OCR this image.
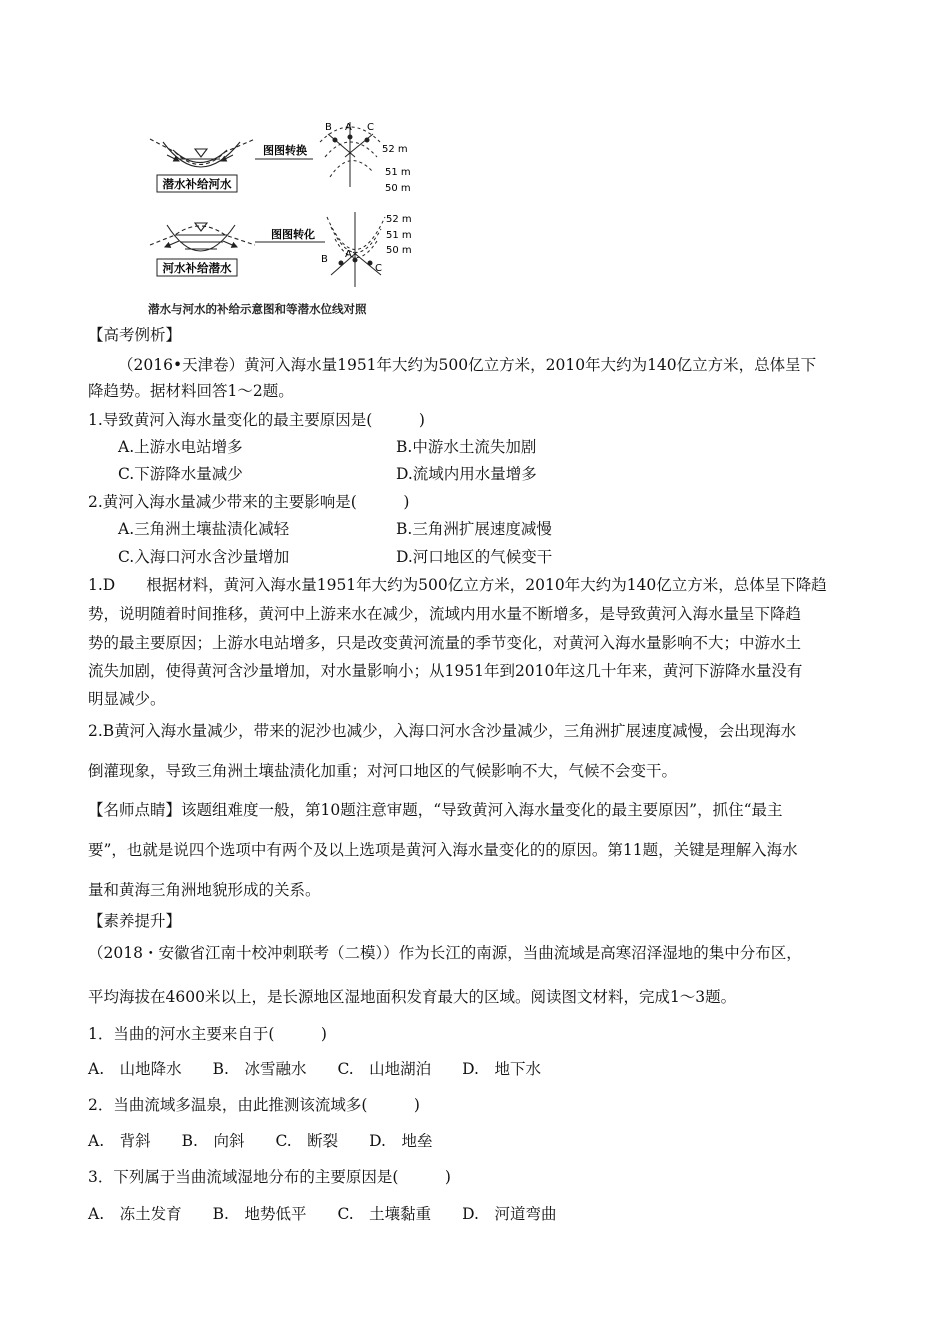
潜水补给河水
图图转换
B A C
52 m
51 m
50 m
河水补给潜水
图图转化
52 m
51 m
50 m
B A
C
潜水与河水的补给示意图和等潜水位线对照
【高考例析】
（2016•天津卷）黄河入海水量1951年大约为500亿立方米，2010年大约为140亿立方米，总体呈下
降趋势。据材料回答1～2题。
1.导致黄河入海水量变化的最主要原因是(　　　)
A.上游水电站增多	B.中游水土流失加剧
C.下游降水量减少	D.流域内用水量增多
2.黄河入海水量减少带来的主要影响是(　　　)
A.三角洲土壤盐渍化减轻	B.三角洲扩展速度减慢
C.入海口河水含沙量增加	D.河口地区的气候变干
1.D　　根据材料，黄河入海水量1951年大约为500亿立方米，2010年大约为140亿立方米，总体呈下降趋
势，说明随着时间推移，黄河中上游来水在减少，流域内用水量不断增多，是导致黄河入海水量呈下降趋
势的最主要原因；上游水电站增多，只是改变黄河流量的季节变化，对黄河入海水量影响不大；中游水土
流失加剧，使得黄河含沙量增加，对水量影响小；从1951年到2010年这几十年来，黄河下游降水量没有
明显减少。
2.B黄河入海水量减少，带来的泥沙也减少，入海口河水含沙量减少，三角洲扩展速度减慢，会出现海水
倒灌现象，导致三角洲土壤盐渍化加重；对河口地区的气候影响不大，气候不会变干。
【名师点睛】该题组难度一般，第10题注意审题，“导致黄河入海水量变化的最主要原因”，抓住“最主
要”，也就是说四个选项中有两个及以上选项是黄河入海水量变化的的原因。第11题，关键是理解入海水
量和黄海三角洲地貌形成的关系。
【素养提升】
（2018・安徽省江南十校冲刺联考（二模））作为长江的南源，当曲流域是高寒沼泽湿地的集中分布区，
平均海拔在4600米以上，是长源地区湿地面积发育最大的区域。阅读图文材料，完成1～3题。
1．当曲的河水主要来自于(　　　)
A.　山地降水　　B.　冰雪融水　　C.　山地湖泊　　D.　地下水
2．当曲流域多温泉，由此推测该流域多(　　　)
A.　背斜　　B.　向斜　　C.　断裂　　D.　地垒
3．下列属于当曲流域湿地分布的主要原因是(　　　)
A.　冻土发育　　B.　地势低平　　C.　土壤黏重　　D.　河道弯曲
